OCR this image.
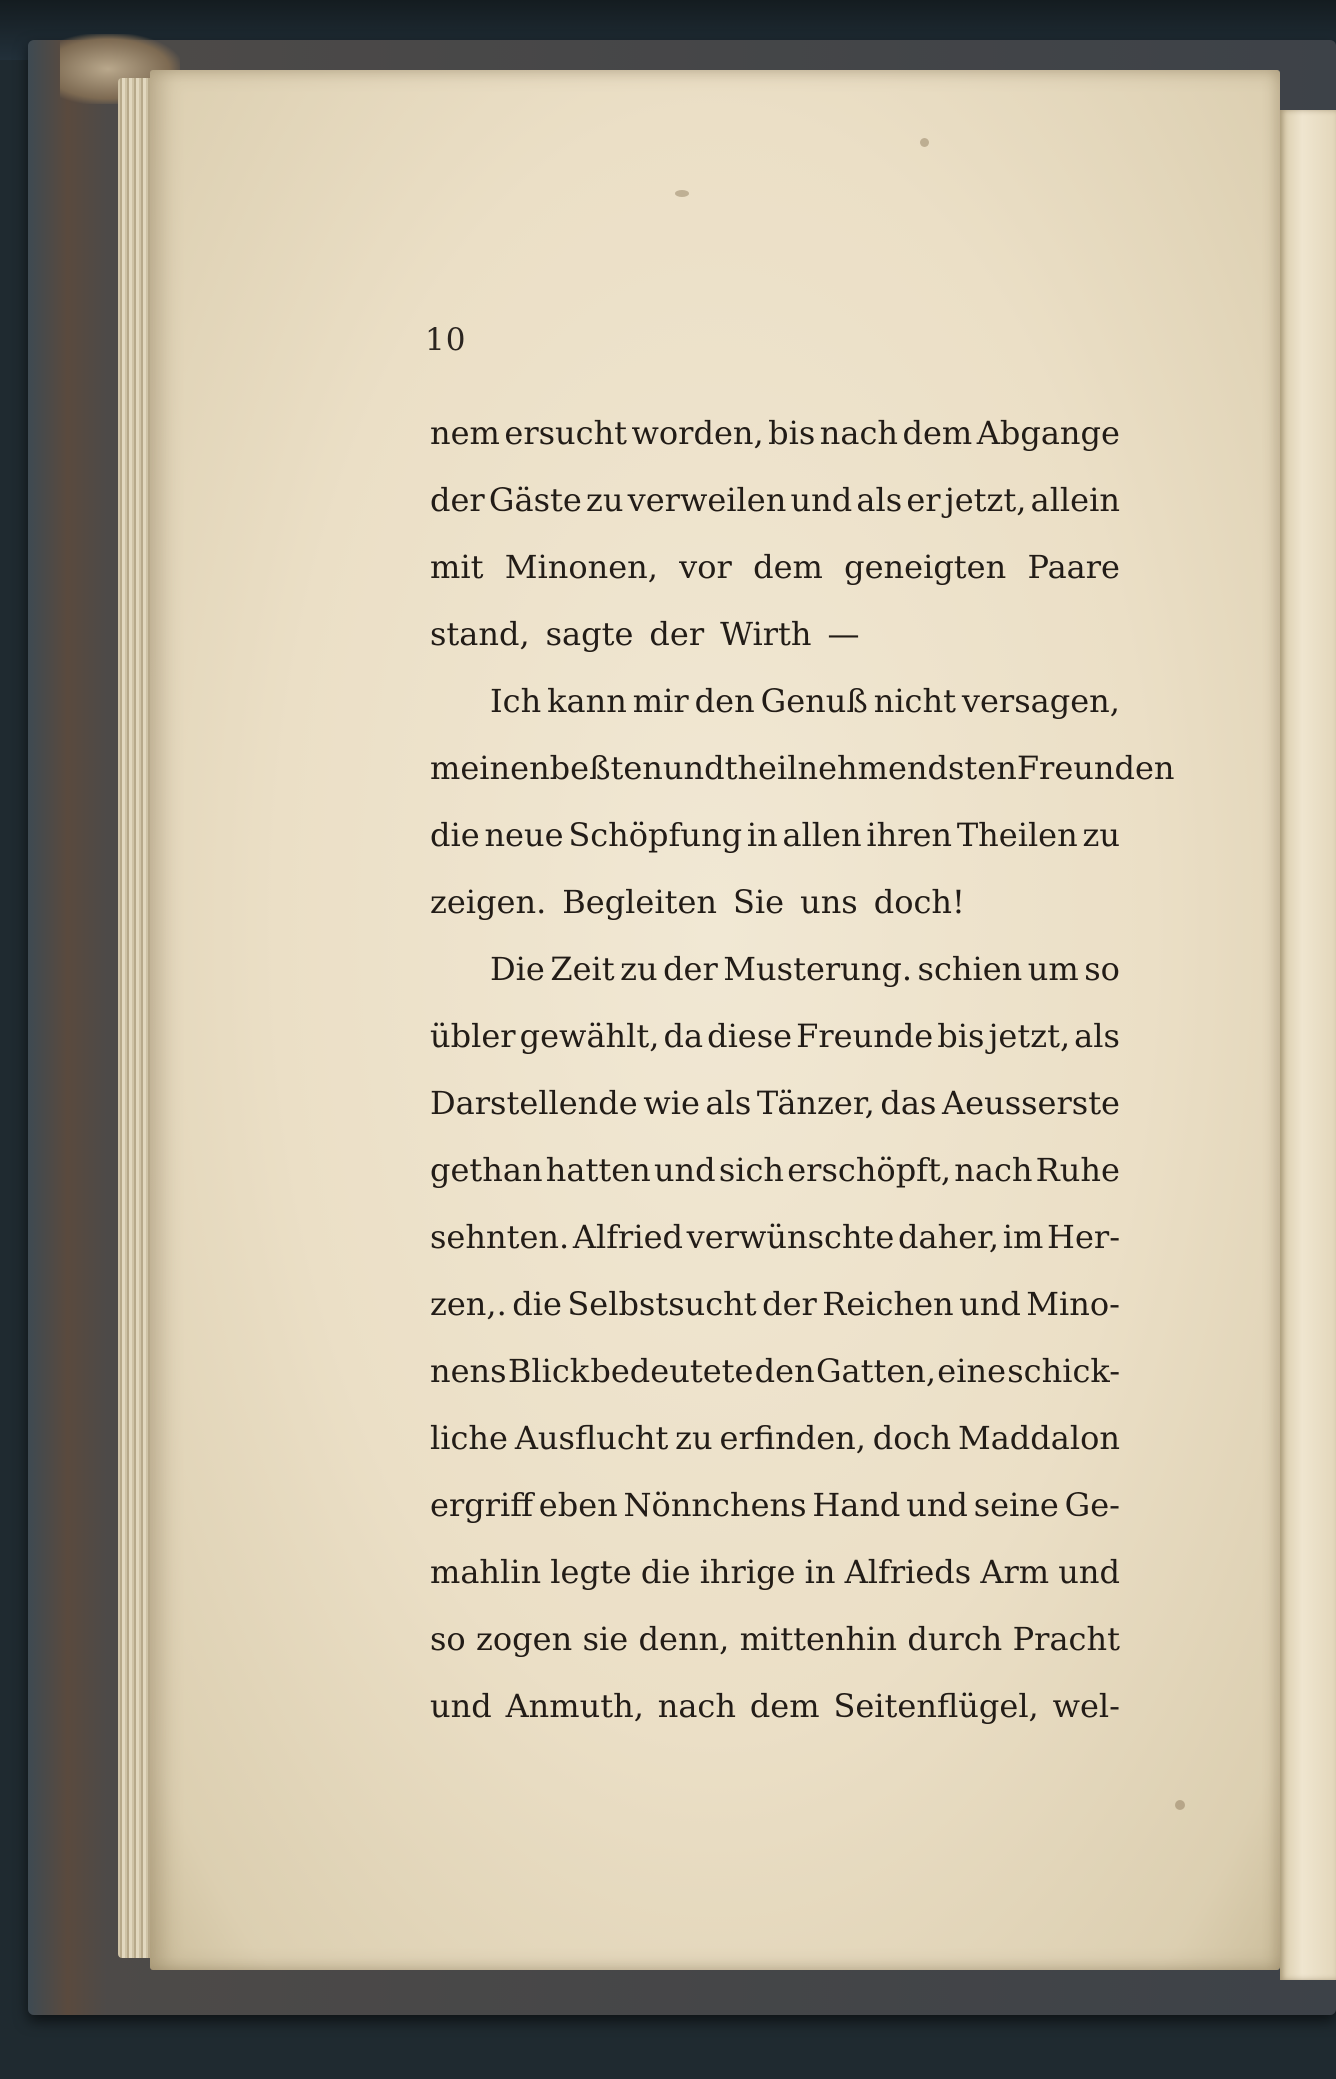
10
nem ersucht worden, bis nach dem Abgange
der Gäste zu verweilen und als er jetzt, allein
mit Minonen, vor dem geneigten Paare
stand, sagte der Wirth —
Ich kann mir den Genuß nicht versagen,
meinen beßten und theilnehmendsten Freunden
die neue Schöpfung in allen ihren Theilen zu
zeigen. Begleiten Sie uns doch!
Die Zeit zu der Musterung. schien um so
übler gewählt, da diese Freunde bis jetzt, als
Darstellende wie als Tänzer, das Aeusserste
gethan hatten und sich erschöpft, nach Ruhe
sehnten. Alfried verwünschte daher, im Her-
zen,. die Selbstsucht der Reichen und Mino-
nens Blick bedeutete den Gatten, eine schick-
liche Ausflucht zu erfinden, doch Maddalon
ergriff eben Nönnchens Hand und seine Ge-
mahlin legte die ihrige in Alfrieds Arm und
so zogen sie denn, mittenhin durch Pracht
und Anmuth, nach dem Seitenflügel, wel-
